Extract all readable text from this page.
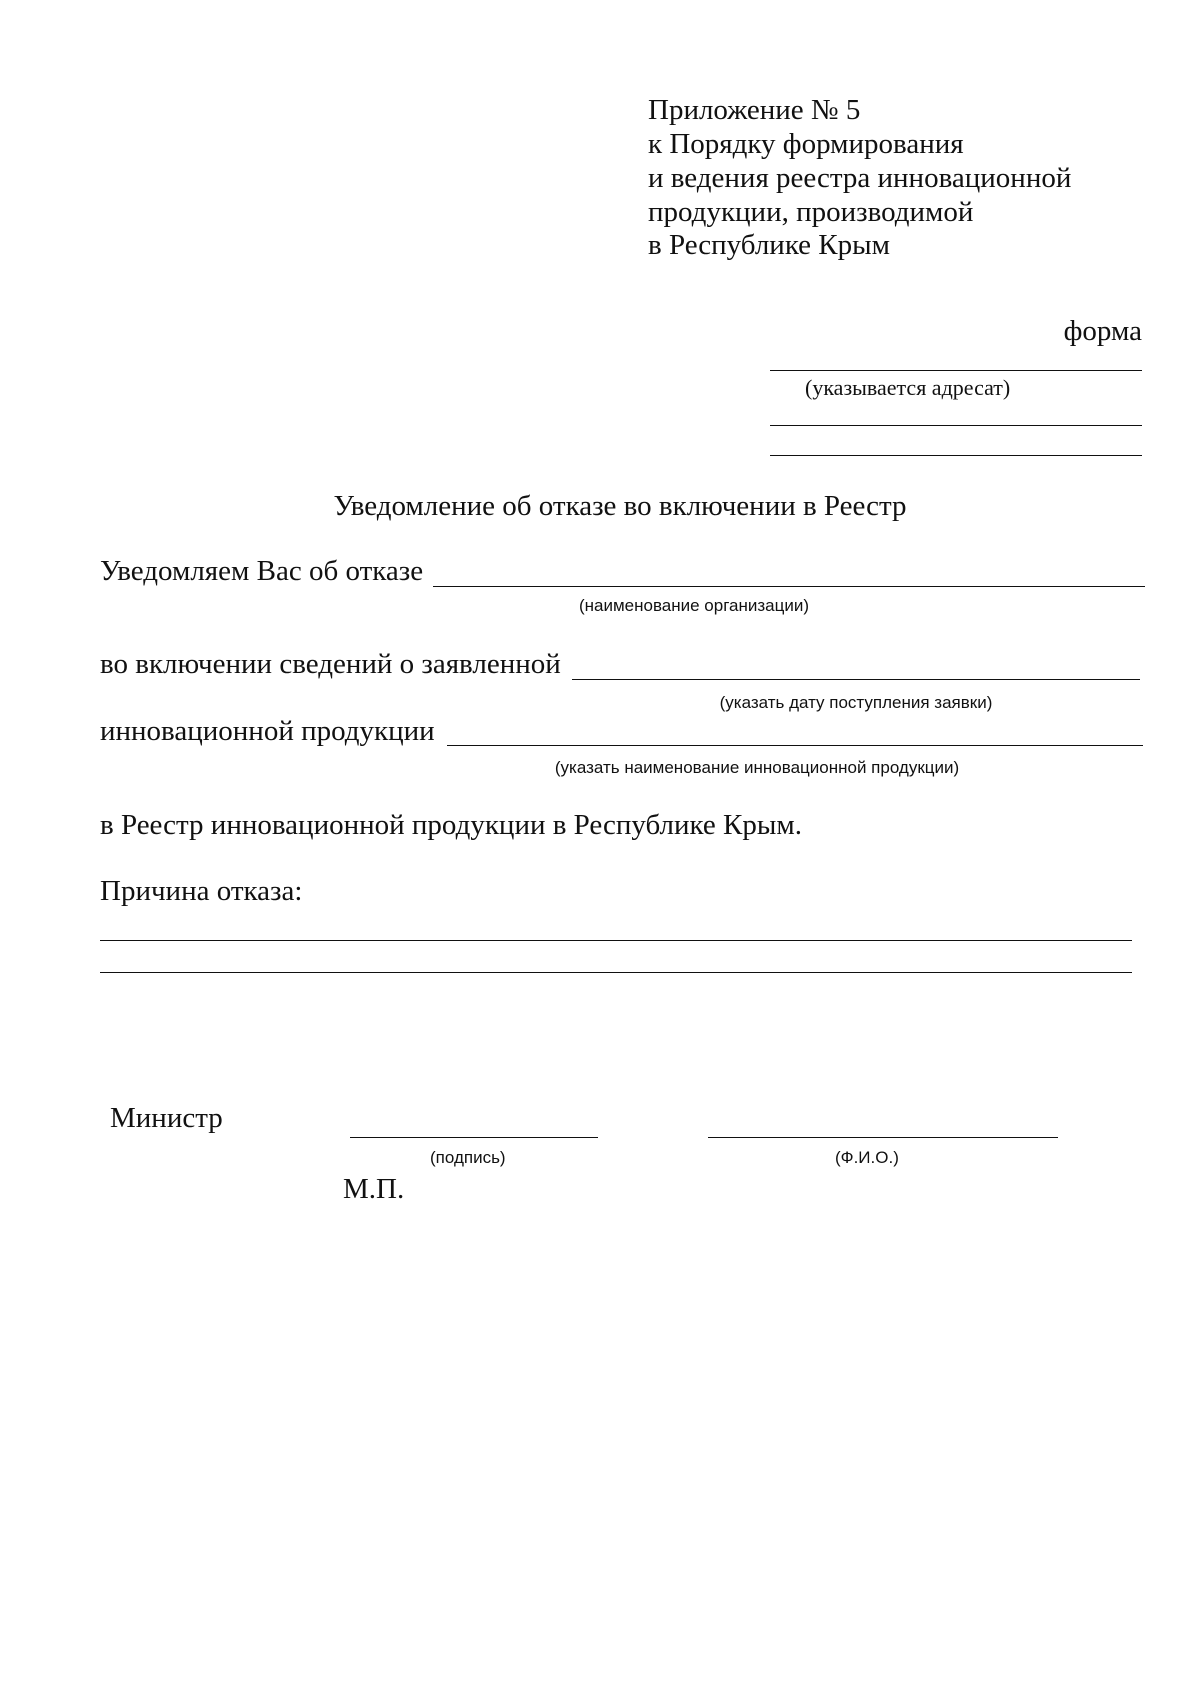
Приложение № 5
к Порядку формирования
и ведения реестра инновационной
продукции, производимой
в Республике Крым
форма
(указывается адресат)
Уведомление об отказе во включении в Реестр
Уведомляем Вас об отказе
(наименование организации)
во включении сведений о заявленной
(указать дату поступления заявки)
инновационной продукции
(указать наименование инновационной продукции)
в Реестр инновационной продукции в Республике Крым.
Причина отказа:
Министр
(подпись)	(Ф.И.О.)
М.П.
